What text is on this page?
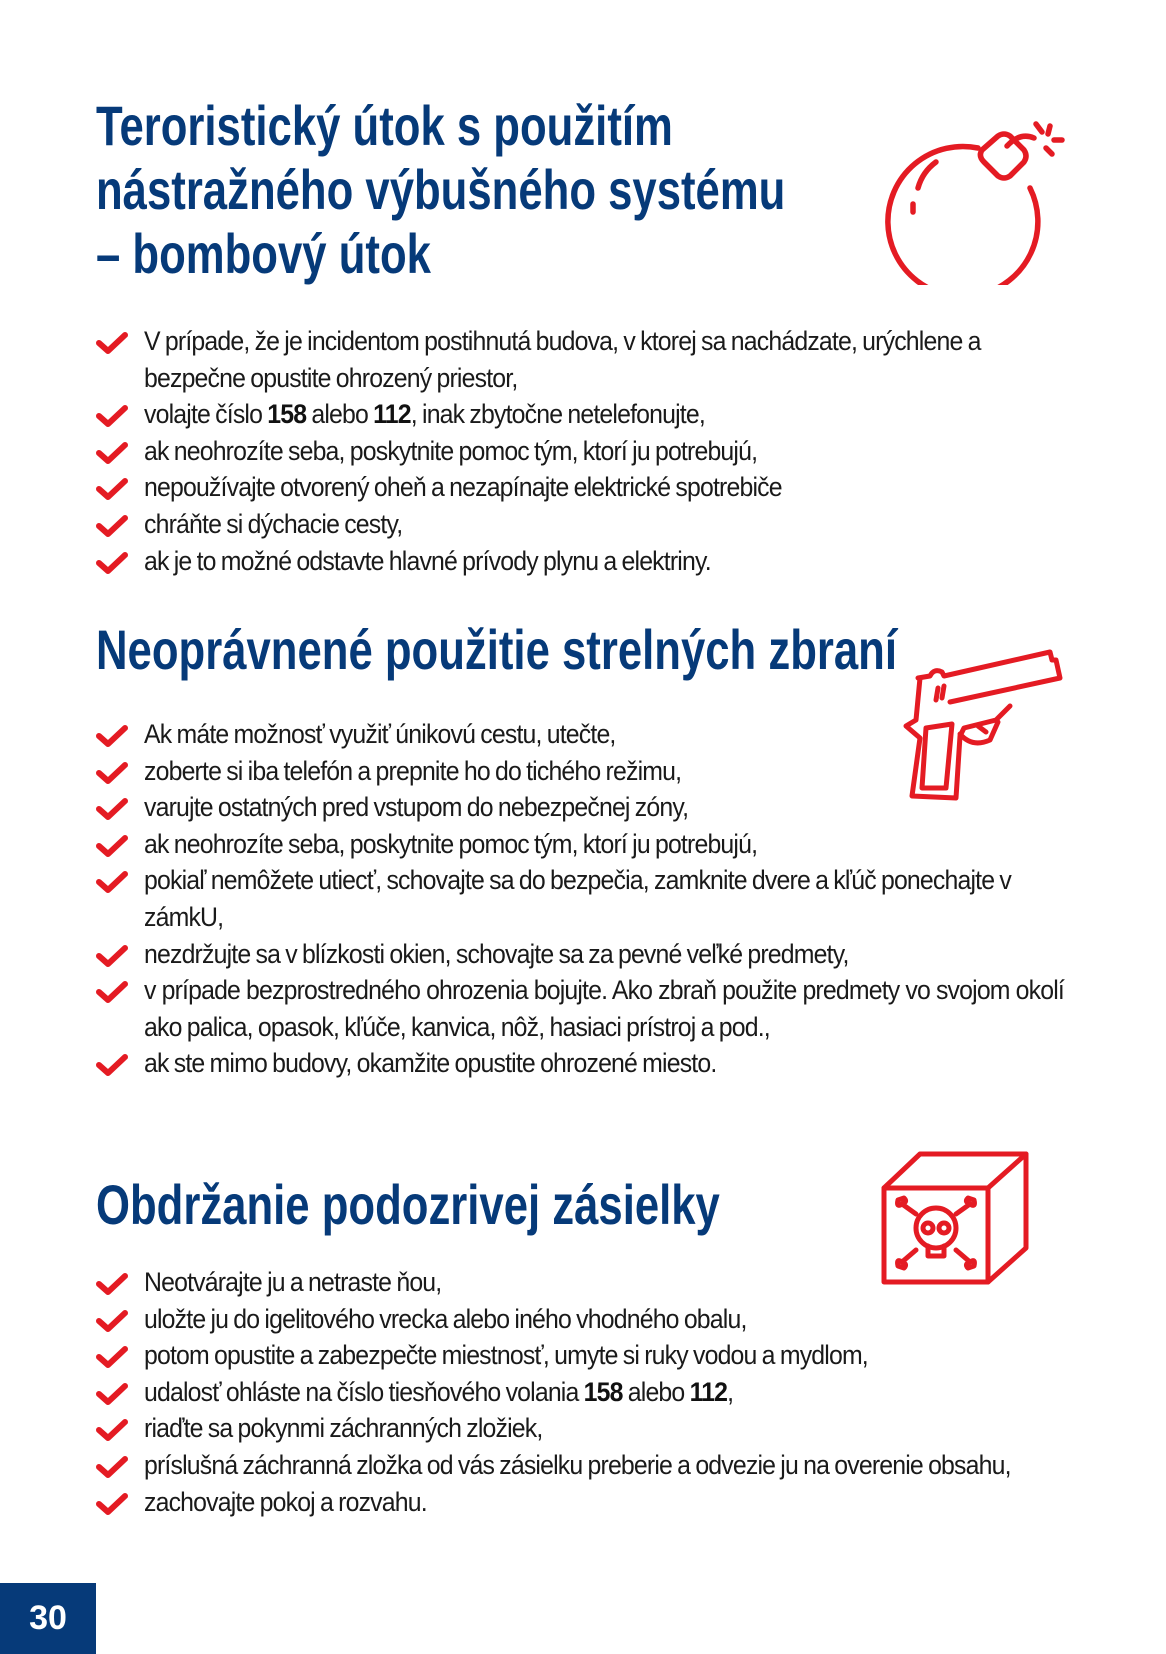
Teroristický útok s použitím
nástražného výbušného systému
– bombový útok
V prípade, že je incidentom postihnutá budova, v ktorej sa nachádzate, urýchlene a bezpečne opustite ohrozený priestor,
volajte číslo 158 alebo 112, inak zbytočne netelefonujte,
ak neohrozíte seba, poskytnite pomoc tým, ktorí ju potrebujú,
nepoužívajte otvorený oheň a nezapínajte elektrické spotrebiče
chráňte si dýchacie cesty,
ak je to možné odstavte hlavné prívody plynu a elektriny.
Neoprávnené použitie strelných zbraní
Ak máte možnosť využiť únikovú cestu, utečte,
zoberte si iba telefón a prepnite ho do tichého režimu,
varujte ostatných pred vstupom do nebezpečnej zóny,
ak neohrozíte seba, poskytnite pomoc tým, ktorí ju potrebujú,
pokiaľ nemôžete utiecť, schovajte sa do bezpečia, zamknite dvere a kľúč ponechajte v zámkU,
nezdržujte sa v blízkosti okien, schovajte sa za pevné veľké predmety,
v prípade bezprostredného ohrozenia bojujte. Ako zbraň použite predmety vo svojom okolí ako palica, opasok, kľúče, kanvica, nôž, hasiaci prístroj a pod.,
ak ste mimo budovy, okamžite opustite ohrozené miesto.
Obdržanie podozrivej zásielky
Neotvárajte ju a netraste ňou,
uložte ju do igelitového vrecka alebo iného vhodného obalu,
potom opustite a zabezpečte miestnosť, umyte si ruky vodou a mydlom,
udalosť ohláste na číslo tiesňového volania 158 alebo 112,
riaďte sa pokynmi záchranných zložiek,
príslušná záchranná zložka od vás zásielku preberie a odvezie ju na overenie obsahu,
zachovajte pokoj a rozvahu.
30
